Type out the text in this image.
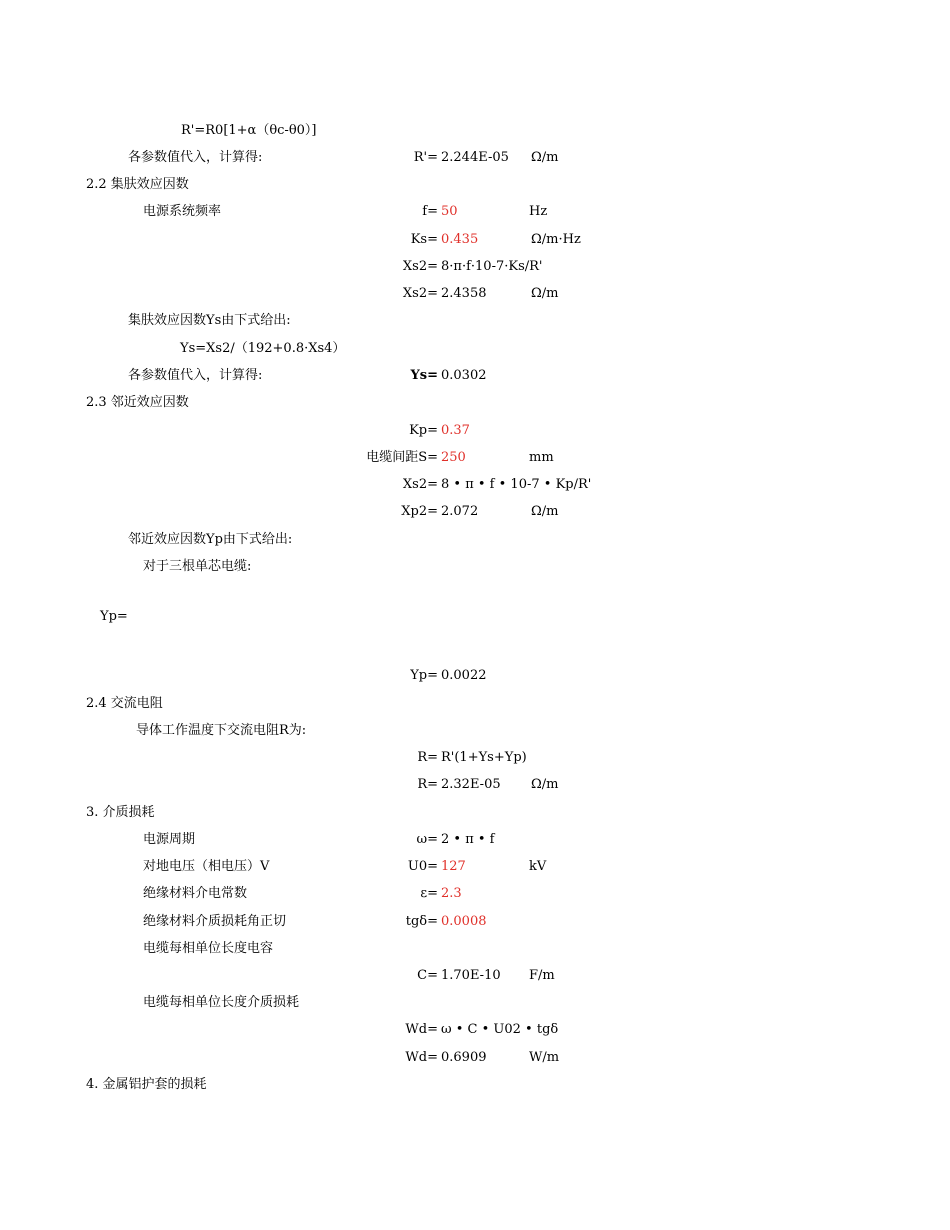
R'=R0[1+α（θc-θ0）]
各参数值代入，计算得:	R'= 2.244E-05 Ω/m
2.2 集肤效应因数
电源系统频率	f= 50	Hz
Ks= 0.435	Ω/m·Hz
Xs2= 8·π·f·10-7·Ks/R'
Xs2= 2.4358	Ω/m
集肤效应因数Ys由下式给出:
Ys=Xs2/（192+0.8·Xs4）
各参数值代入，计算得:	Ys= 0.0302
2.3 邻近效应因数
Kp= 0.37
电缆间距S= 250	mm
Xs2= 8 • π • f • 10-7 • Kp/R'
Xp2= 2.072	Ω/m
邻近效应因数Yp由下式给出:
对于三根单芯电缆:
Yp=
Yp= 0.0022
2.4 交流电阻
导体工作温度下交流电阻R为:
R= R'(1+Ys+Yp)
R= 2.32E-05 Ω/m
3. 介质损耗
电源周期	ω= 2 • π • f
对地电压（相电压）V	U0= 127	kV
绝缘材料介电常数	ε= 2.3
绝缘材料介质损耗角正切	tgδ= 0.0008
电缆每相单位长度电容
C= 1.70E-10 F/m
电缆每相单位长度介质损耗
Wd= ω • C • U02 • tgδ
Wd= 0.6909	W/m
4. 金属铝护套的损耗
